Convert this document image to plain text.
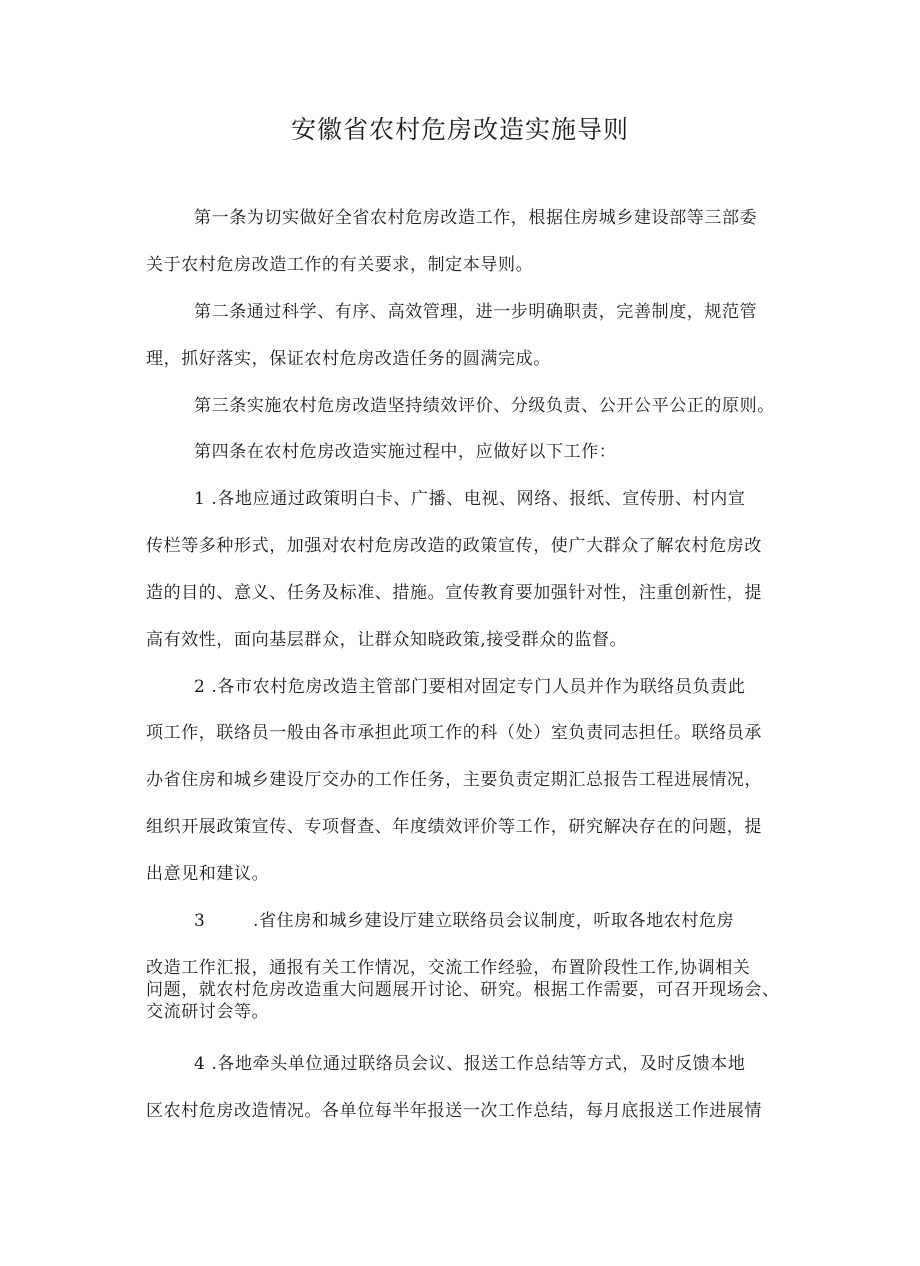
安徽省农村危房改造实施导则
第一条为切实做好全省农村危房改造工作，根据住房城乡建设部等三部委
关于农村危房改造工作的有关要求，制定本导则。
第二条通过科学、有序、高效管理，进一步明确职责，完善制度，规范管
理，抓好落实，保证农村危房改造任务的圆满完成。
第三条实施农村危房改造坚持绩效评价、分级负责、公开公平公正的原则。
第四条在农村危房改造实施过程中，应做好以下工作：
1 .各地应通过政策明白卡、广播、电视、网络、报纸、宣传册、村内宣
传栏等多种形式，加强对农村危房改造的政策宣传，使广大群众了解农村危房改
造的目的、意义、任务及标准、措施。宣传教育要加强针对性，注重创新性，提
高有效性，面向基层群众，让群众知晓政策,接受群众的监督。
2 .各市农村危房改造主管部门要相对固定专门人员并作为联络员负责此
项工作，联络员一般由各市承担此项工作的科（处）室负责同志担任。联络员承
办省住房和城乡建设厅交办的工作任务，主要负责定期汇总报告工程进展情况，
组织开展政策宣传、专项督查、年度绩效评价等工作，研究解决存在的问题，提
出意见和建议。
3	.省住房和城乡建设厅建立联络员会议制度，听取各地农村危房
改造工作汇报，通报有关工作情况，交流工作经验，布置阶段性工作,协调相关
问题，就农村危房改造重大问题展开讨论、研究。根据工作需要，可召开现场会、
交流研讨会等。
4 .各地牵头单位通过联络员会议、报送工作总结等方式，及时反馈本地
区农村危房改造情况。各单位每半年报送一次工作总结，每月底报送工作进展情
